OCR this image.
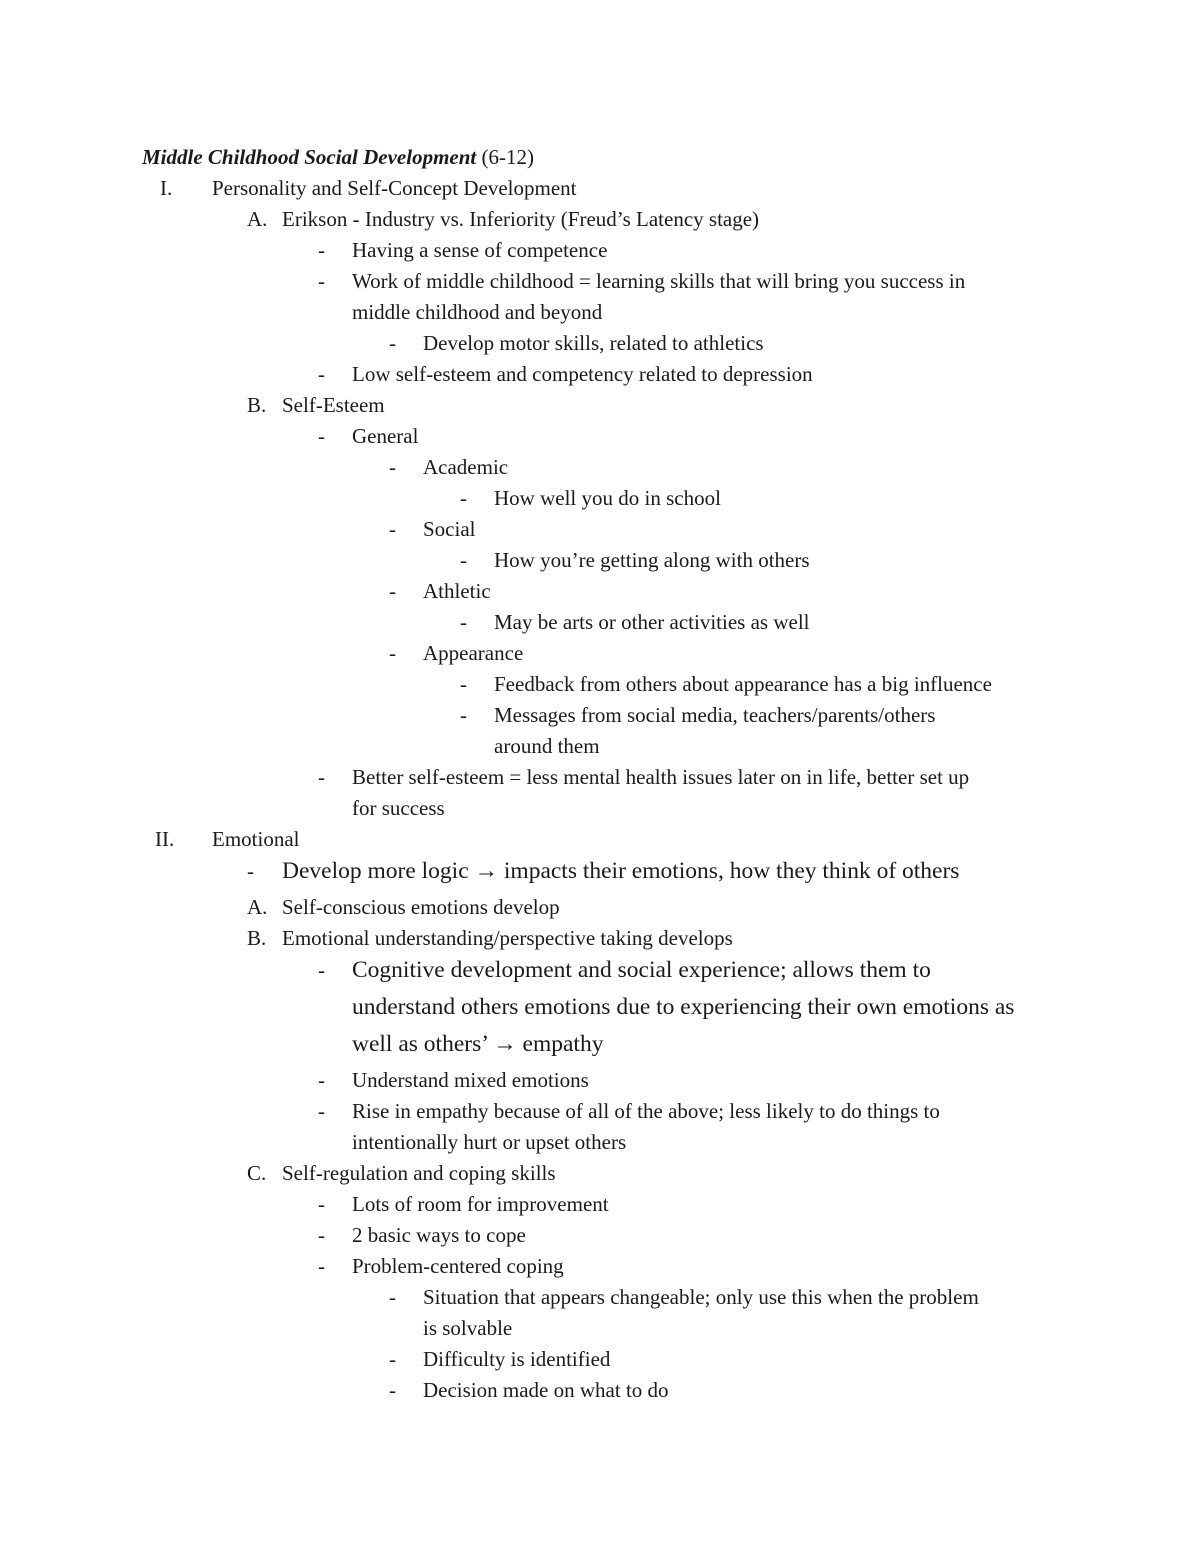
Middle Childhood Social Development (6-12)
I. Personality and Self-Concept Development
A. Erikson - Industry vs. Inferiority (Freud’s Latency stage)
- Having a sense of competence
- Work of middle childhood = learning skills that will bring you success in
middle childhood and beyond
- Develop motor skills, related to athletics
- Low self-esteem and competency related to depression
B. Self-Esteem
- General
- Academic
- How well you do in school
- Social
- How you’re getting along with others
- Athletic
- May be arts or other activities as well
- Appearance
- Feedback from others about appearance has a big influence
- Messages from social media, teachers/parents/others
around them
- Better self-esteem = less mental health issues later on in life, better set up
for success
II. Emotional
- Develop more logic → impacts their emotions, how they think of others
A. Self-conscious emotions develop
B. Emotional understanding/perspective taking develops
- Cognitive development and social experience; allows them to
understand others emotions due to experiencing their own emotions as
well as others’ → empathy
- Understand mixed emotions
- Rise in empathy because of all of the above; less likely to do things to
intentionally hurt or upset others
C. Self-regulation and coping skills
- Lots of room for improvement
- 2 basic ways to cope
- Problem-centered coping
- Situation that appears changeable; only use this when the problem
is solvable
- Difficulty is identified
- Decision made on what to do
